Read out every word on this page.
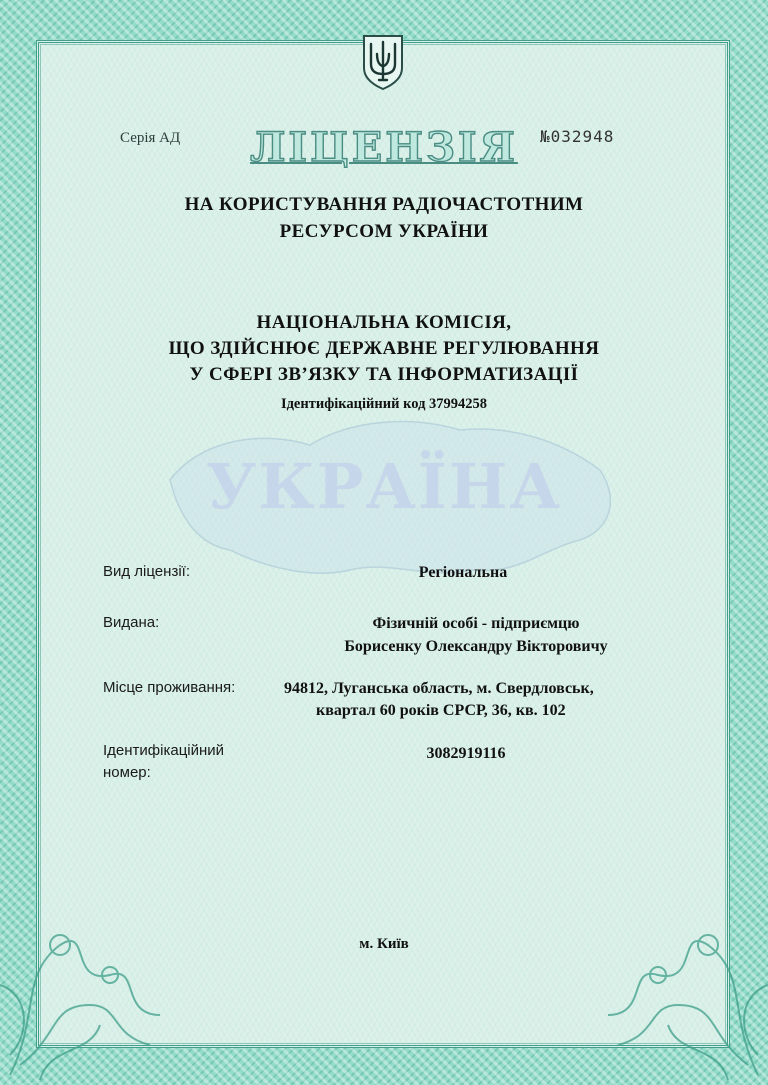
ЛІЦЕНЗІЯ
Серія АД	№032948
НА КОРИСТУВАННЯ РАДІОЧАСТОТНИМ
РЕСУРСОМ УКРАЇНИ
УКРАЇНА
НАЦІОНАЛЬНА КОМІСІЯ,
ЩО ЗДІЙСНЮЄ ДЕРЖАВНЕ РЕГУЛЮВАННЯ
У СФЕРІ ЗВ’ЯЗКУ ТА ІНФОРМАТИЗАЦІЇ
Ідентифікаційний код 37994258
Вид ліцензії:	Регіональна
Видана:	Фізичній особі - підприємцю
Борисенку Олександру Вікторовичу
Місце проживання:	94812, Луганська область, м. Свердловськ,
квартал 60 років СРСР, 36, кв. 102
Ідентифікаційний
номер:
3082919116
м. Київ
